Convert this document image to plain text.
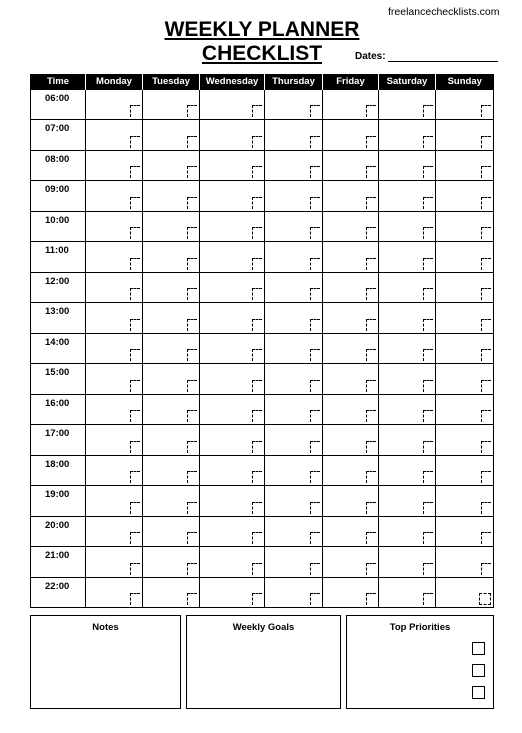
freelancechecklists.com
WEEKLY PLANNER
CHECKLIST	Dates:
Time	Monday	Tuesday	Wednesday	Thursday	Friday	Saturday	Sunday
06:00	

07:00	

08:00	

09:00	

10:00	

11:00	

12:00	

13:00	

14:00	

15:00	

16:00	

17:00	

18:00	

19:00	

20:00	

21:00	

22:00	

Notes	Weekly Goals	Top Priorities
